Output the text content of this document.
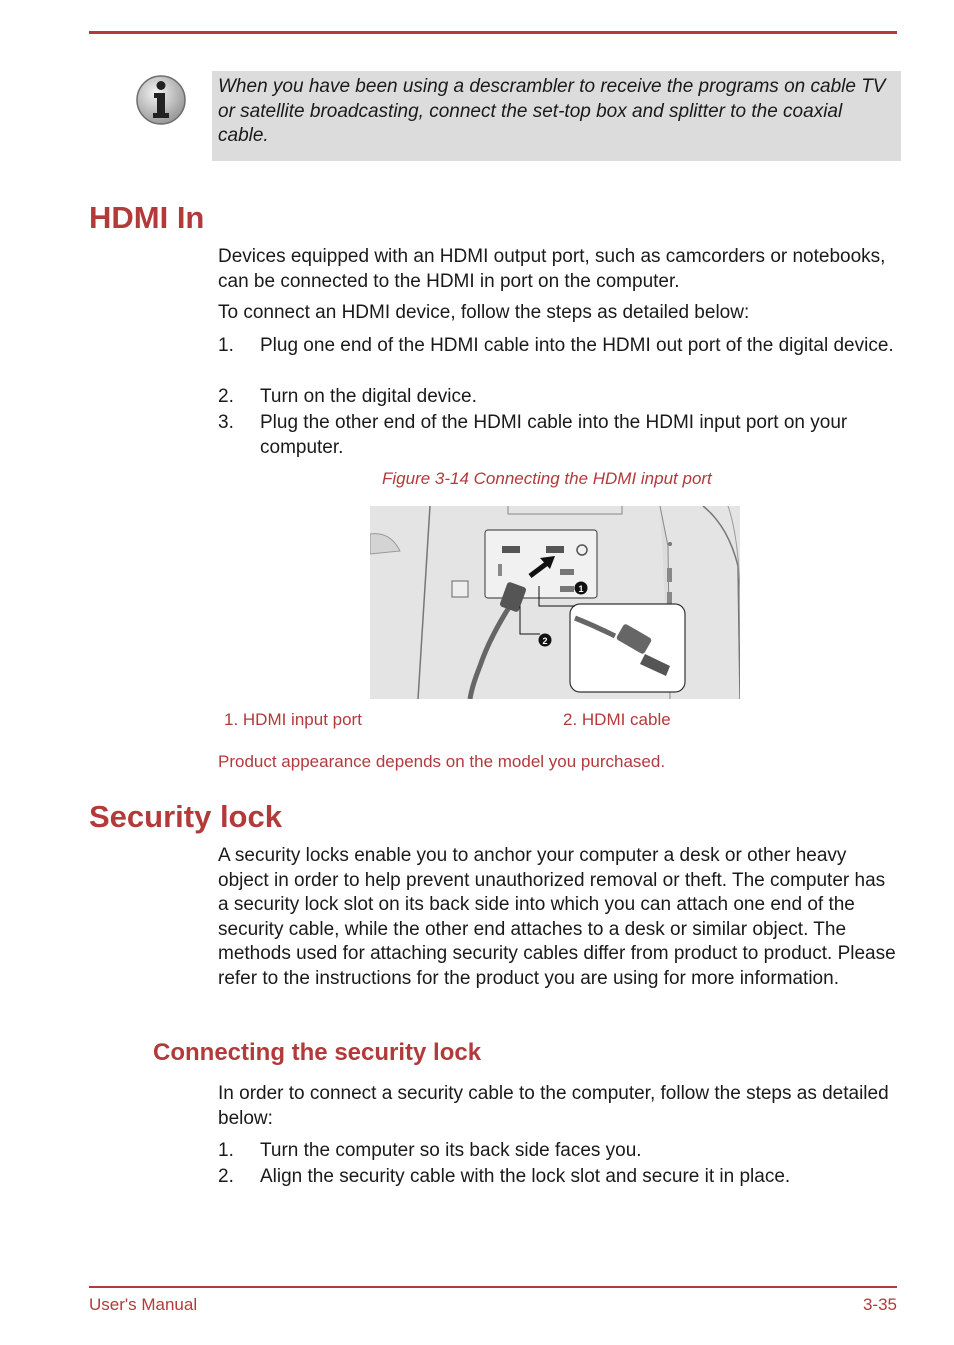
When you have been using a descrambler to receive the programs on cable TV or satellite broadcasting, connect the set-top box and splitter to the coaxial cable.
HDMI In

Devices equipped with an HDMI output port, such as camcorders or notebooks, can be connected to the HDMI in port on the computer.

To connect an HDMI device, follow the steps as detailed below:

1. Plug one end of the HDMI cable into the HDMI out port of the digital device.
2. Turn on the digital device.
3. Plug the other end of the HDMI cable into the HDMI input port on your computer.
Figure 3-14 Connecting the HDMI input port
1
2
1. HDMI input port	2. HDMI cable
Product appearance depends on the model you purchased.
Security lock

A security locks enable you to anchor your computer a desk or other heavy object in order to help prevent unauthorized removal or theft. The computer has a security lock slot on its back side into which you can attach one end of the security cable, while the other end attaches to a desk or similar object. The methods used for attaching security cables differ from product to product. Please refer to the instructions for the product you are using for more information.

Connecting the security lock

In order to connect a security cable to the computer, follow the steps as detailed below:

1. Turn the computer so its back side faces you.
2. Align the security cable with the lock slot and secure it in place.
User's Manual	3-35
